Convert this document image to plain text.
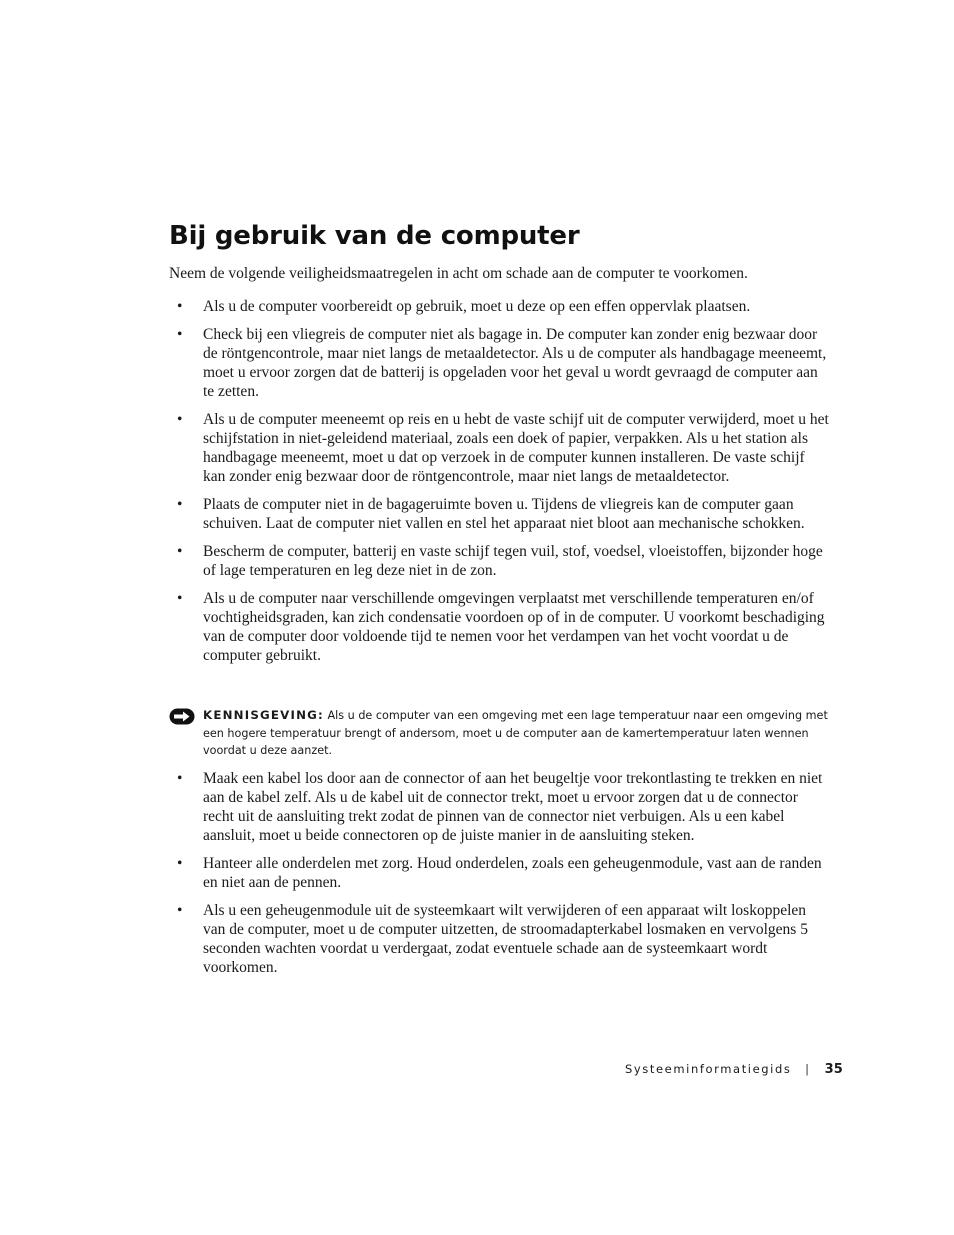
Bij gebruik van de computer

Neem de volgende veiligheidsmaatregelen in acht om schade aan de computer te voorkomen.

• Als u de computer voorbereidt op gebruik, moet u deze op een effen oppervlak plaatsen.
• Check bij een vliegreis de computer niet als bagage in. De computer kan zonder enig bezwaar door de röntgencontrole, maar niet langs de metaaldetector. Als u de computer als handbagage meeneemt, moet u ervoor zorgen dat de batterij is opgeladen voor het geval u wordt gevraagd de computer aan te zetten.
• Als u de computer meeneemt op reis en u hebt de vaste schijf uit de computer verwijderd, moet u het schijfstation in niet-geleidend materiaal, zoals een doek of papier, verpakken. Als u het station als handbagage meeneemt, moet u dat op verzoek in de computer kunnen installeren. De vaste schijf kan zonder enig bezwaar door de röntgencontrole, maar niet langs de metaaldetector.
• Plaats de computer niet in de bagageruimte boven u. Tijdens de vliegreis kan de computer gaan schuiven. Laat de computer niet vallen en stel het apparaat niet bloot aan mechanische schokken.
• Bescherm de computer, batterij en vaste schijf tegen vuil, stof, voedsel, vloeistoffen, bijzonder hoge of lage temperaturen en leg deze niet in de zon.
• Als u de computer naar verschillende omgevingen verplaatst met verschillende temperaturen en/of vochtigheidsgraden, kan zich condensatie voordoen op of in de computer. U voorkomt beschadiging van de computer door voldoende tijd te nemen voor het verdampen van het vocht voordat u de computer gebruikt.

KENNISGEVING: Als u de computer van een omgeving met een lage temperatuur naar een omgeving met een hogere temperatuur brengt of andersom, moet u de computer aan de kamertemperatuur laten wennen voordat u deze aanzet.

• Maak een kabel los door aan de connector of aan het beugeltje voor trekontlasting te trekken en niet aan de kabel zelf. Als u de kabel uit de connector trekt, moet u ervoor zorgen dat u de connector recht uit de aansluiting trekt zodat de pinnen van de connector niet verbuigen. Als u een kabel aansluit, moet u beide connectoren op de juiste manier in de aansluiting steken.
• Hanteer alle onderdelen met zorg. Houd onderdelen, zoals een geheugenmodule, vast aan de randen en niet aan de pennen.
• Als u een geheugenmodule uit de systeemkaart wilt verwijderen of een apparaat wilt loskoppelen van de computer, moet u de computer uitzetten, de stroomadapterkabel losmaken en vervolgens 5 seconden wachten voordat u verdergaat, zodat eventuele schade aan de systeemkaart wordt voorkomen.
Systeeminformatiegids | 35
